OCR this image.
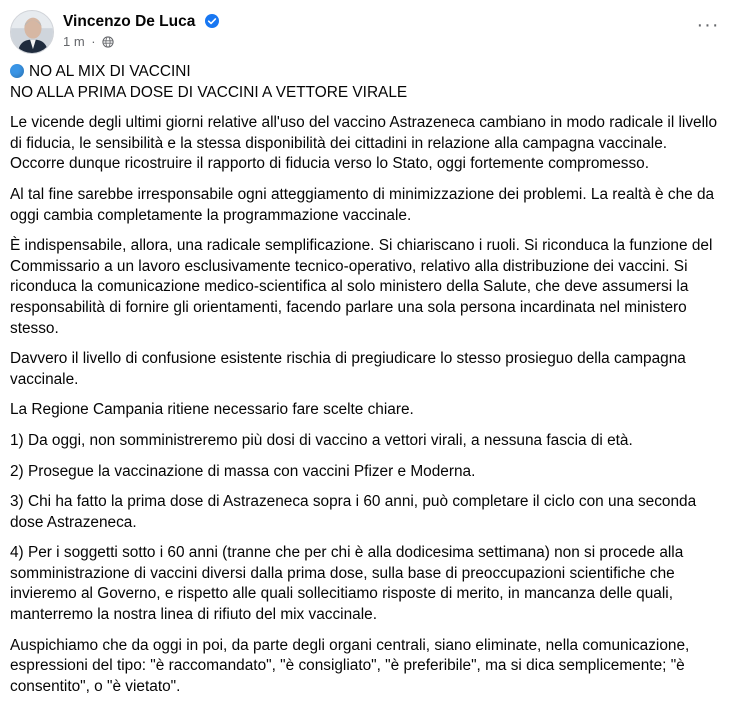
Vincenzo De Luca
1 m ·
···

NO AL MIX DI VACCINI

NO ALLA PRIMA DOSE DI VACCINI A VETTORE VIRALE

Le vicende degli ultimi giorni relative all'uso del vaccino Astrazeneca cambiano in modo radicale il livello di fiducia, le sensibilità e la stessa disponibilità dei cittadini in relazione alla campagna vaccinale. Occorre dunque ricostruire il rapporto di fiducia verso lo Stato, oggi fortemente compromesso.

Al tal fine sarebbe irresponsabile ogni atteggiamento di minimizzazione dei problemi. La realtà è che da oggi cambia completamente la programmazione vaccinale.

È indispensabile, allora, una radicale semplificazione. Si chiariscano i ruoli. Si riconduca la funzione del Commissario a un lavoro esclusivamente tecnico-operativo, relativo alla distribuzione dei vaccini. Si riconduca la comunicazione medico-scientifica al solo ministero della Salute, che deve assumersi la responsabilità di fornire gli orientamenti, facendo parlare una sola persona incardinata nel ministero stesso.

Davvero il livello di confusione esistente rischia di pregiudicare lo stesso prosieguo della campagna vaccinale.

La Regione Campania ritiene necessario fare scelte chiare.

1) Da oggi, non somministreremo più dosi di vaccino a vettori virali, a nessuna fascia di età.

2) Prosegue la vaccinazione di massa con vaccini Pfizer e Moderna.

3) Chi ha fatto la prima dose di Astrazeneca sopra i 60 anni, può completare il ciclo con una seconda dose Astrazeneca.

4) Per i soggetti sotto i 60 anni (tranne che per chi è alla dodicesima settimana) non si procede alla somministrazione di vaccini diversi dalla prima dose, sulla base di preoccupazioni scientifiche che invieremo al Governo, e rispetto alle quali sollecitiamo risposte di merito, in mancanza delle quali, manterremo la nostra linea di rifiuto del mix vaccinale.

Auspichiamo che da oggi in poi, da parte degli organi centrali, siano eliminate, nella comunicazione, espressioni del tipo: "è raccomandato", "è consigliato", "è preferibile", ma si dica semplicemente; "è consentito", o "è vietato".
